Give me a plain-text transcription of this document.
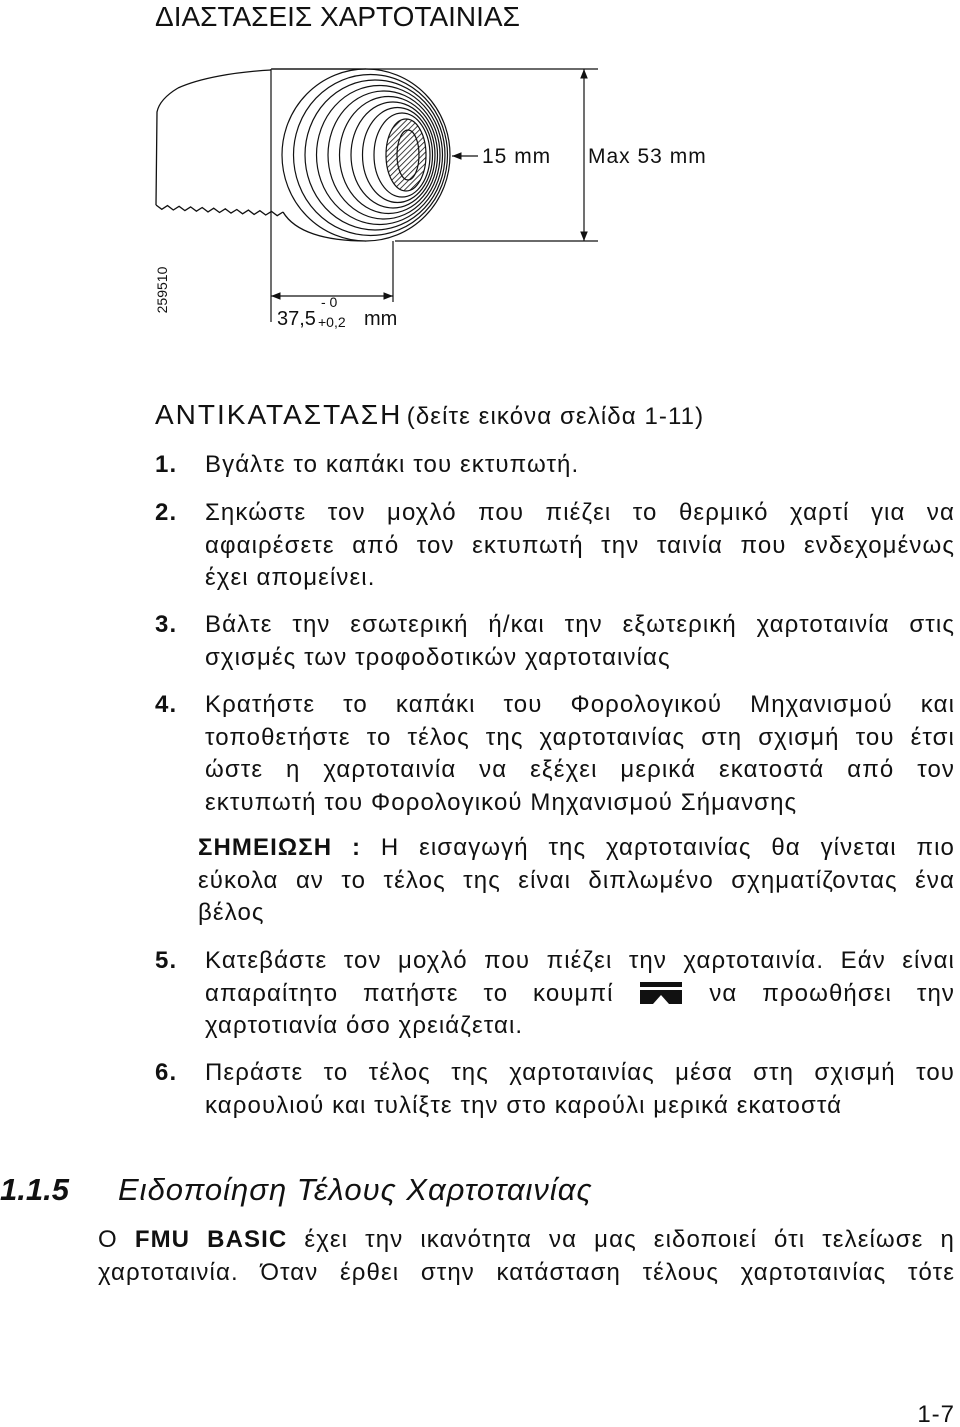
ΔΙΑΣΤΑΣΕΙΣ ΧΑΡΤΟΤΑΙΝΙΑΣ
15 mm Max 53 mm
259510
37,5
- 0
+0,2 mm
ΑΝΤΙΚΑΤΑΣΤΑΣΗ (δείτε εικόνα σελίδα 1-11)
1. Βγάλτε το καπάκι του εκτυπωτή.
2. Σηκώστε τον μοχλό που πιέζει το θερμικό χαρτί για να
αφαιρέσετε από τον εκτυπωτή την ταινία που ενδεχομένως
έχει απομείνει.
3. Βάλτε την εσωτερική ή/και την εξωτερική χαρτοταινία στις
σχισμές των τροφοδοτικών χαρτοταινίας
4. Κρατήστε το καπάκι του Φορολογικού Μηχανισμού και
τοποθετήστε το τέλος της χαρτοταινίας στη σχισμή του έτσι
ώστε η χαρτοταινία να εξέχει μερικά εκατοστά από τον
εκτυπωτή του Φορολογικού Μηχανισμού Σήμανσης
ΣΗΜΕΙΩΣΗ : Η εισαγωγή της χαρτοταινίας θα γίνεται πιο
εύκολα αν το τέλος της είναι διπλωμένο σχηματίζοντας ένα
βέλος
5. Κατεβάστε τον μοχλό που πιέζει την χαρτοταινία. Εάν είναι
απαραίτητο πατήστε το κουμπί	να προωθήσει την
χαρτοτιανία όσο χρειάζεται.
6. Περάστε το τέλος της χαρτοταινίας μέσα στη σχισμή του
καρουλιού και τυλίξτε την στο καρούλι μερικά εκατοστά
1.1.5 Ειδοποίηση Τέλους Χαρτοταινίας
Ο FMU BASIC έχει την ικανότητα να μας ειδοποιεί ότι τελείωσε η
χαρτοταινία. Όταν έρθει στην κατάσταση τέλους χαρτοταινίας τότε
1-7
